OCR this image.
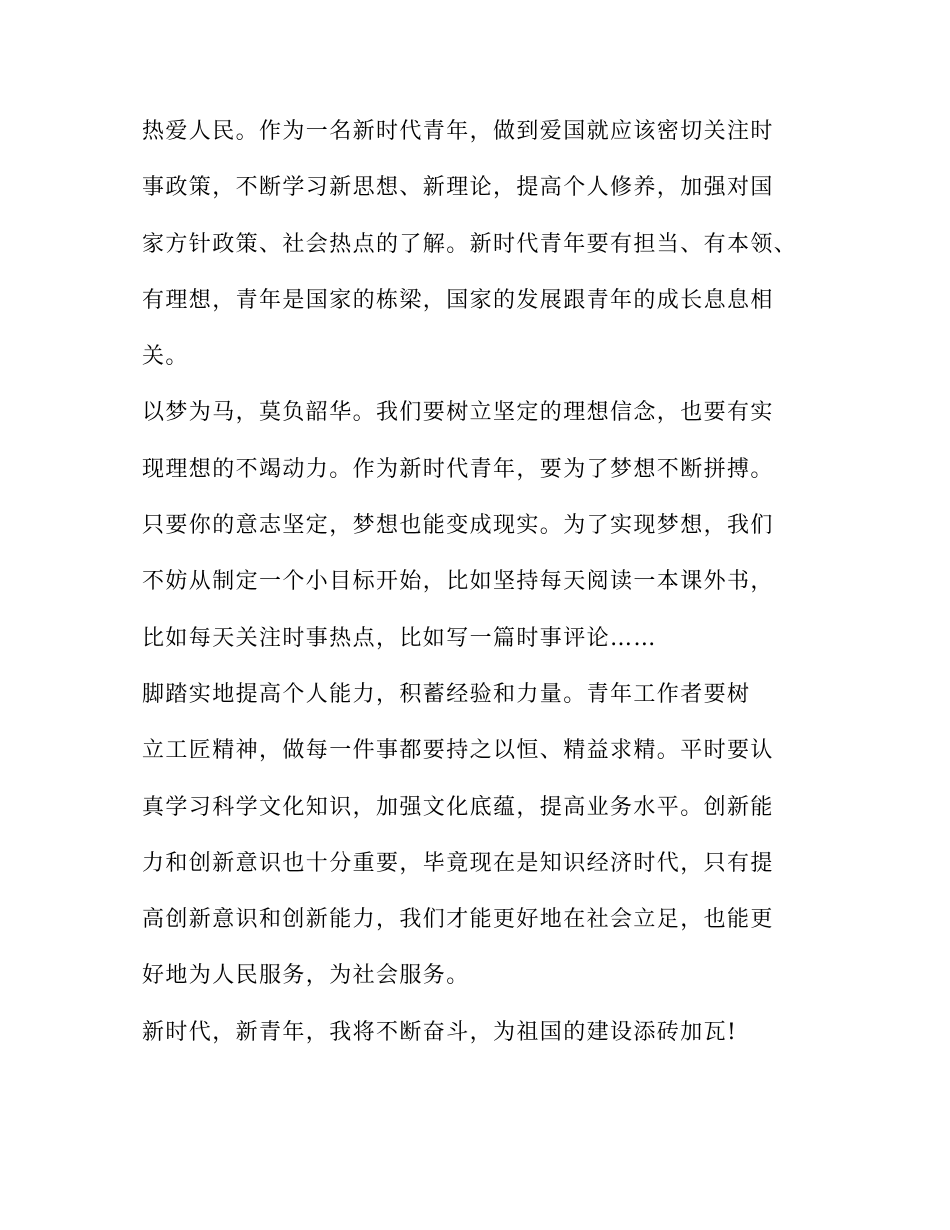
热爱人民。作为一名新时代青年，做到爱国就应该密切关注时
事政策，不断学习新思想、新理论，提高个人修养，加强对国
家方针政策、社会热点的了解。新时代青年要有担当、有本领、
有理想，青年是国家的栋梁，国家的发展跟青年的成长息息相
关。
以梦为马，莫负韶华。我们要树立坚定的理想信念，也要有实
现理想的不竭动力。作为新时代青年，要为了梦想不断拼搏。
只要你的意志坚定，梦想也能变成现实。为了实现梦想，我们
不妨从制定一个小目标开始，比如坚持每天阅读一本课外书，
比如每天关注时事热点，比如写一篇时事评论……
脚踏实地提高个人能力，积蓄经验和力量。青年工作者要树
立工匠精神，做每一件事都要持之以恒、精益求精。平时要认
真学习科学文化知识，加强文化底蕴，提高业务水平。创新能
力和创新意识也十分重要，毕竟现在是知识经济时代，只有提
高创新意识和创新能力，我们才能更好地在社会立足，也能更
好地为人民服务，为社会服务。
新时代，新青年，我将不断奋斗，为祖国的建设添砖加瓦!
